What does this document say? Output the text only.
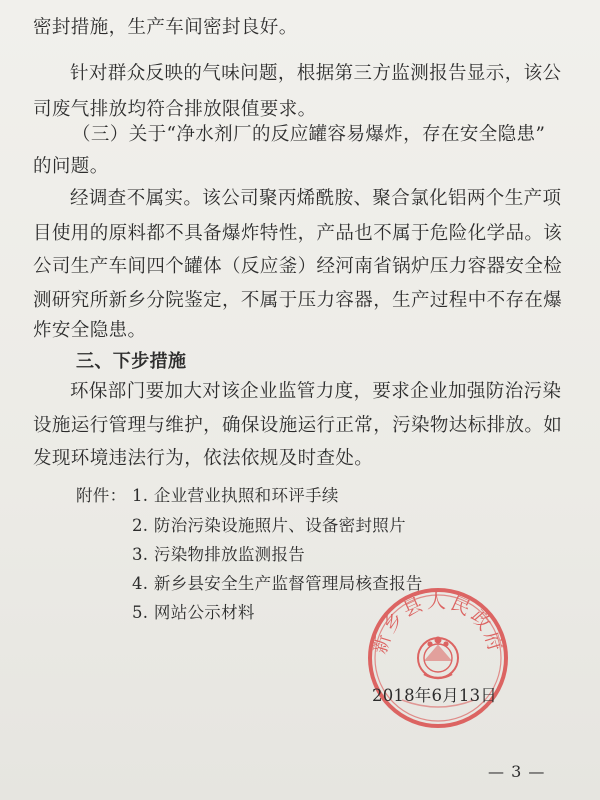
密封措施，生产车间密封良好。

针对群众反映的气味问题，根据第三方监测报告显示，该公

司废气排放均符合排放限值要求。

（三）关于“净水剂厂的反应罐容易爆炸，存在安全隐患”

的问题。

经调查不属实。该公司聚丙烯酰胺、聚合氯化铝两个生产项

目使用的原料都不具备爆炸特性，产品也不属于危险化学品。该

公司生产车间四个罐体（反应釜）经河南省锅炉压力容器安全检

测研究所新乡分院鉴定，不属于压力容器，生产过程中不存在爆

炸安全隐患。

三、下步措施

环保部门要加大对该企业监管力度，要求企业加强防治污染

设施运行管理与维护，确保设施运行正常，污染物达标排放。如

发现环境违法行为，依法依规及时查处。

附件： 1. 企业营业执照和环评手续

2. 防治污染设施照片、设备密封照片

3. 污染物排放监测报告

4. 新乡县安全生产监督管理局核查报告

5. 网站公示材料

新乡县人民政府
2018年6月13日
— 3 —
